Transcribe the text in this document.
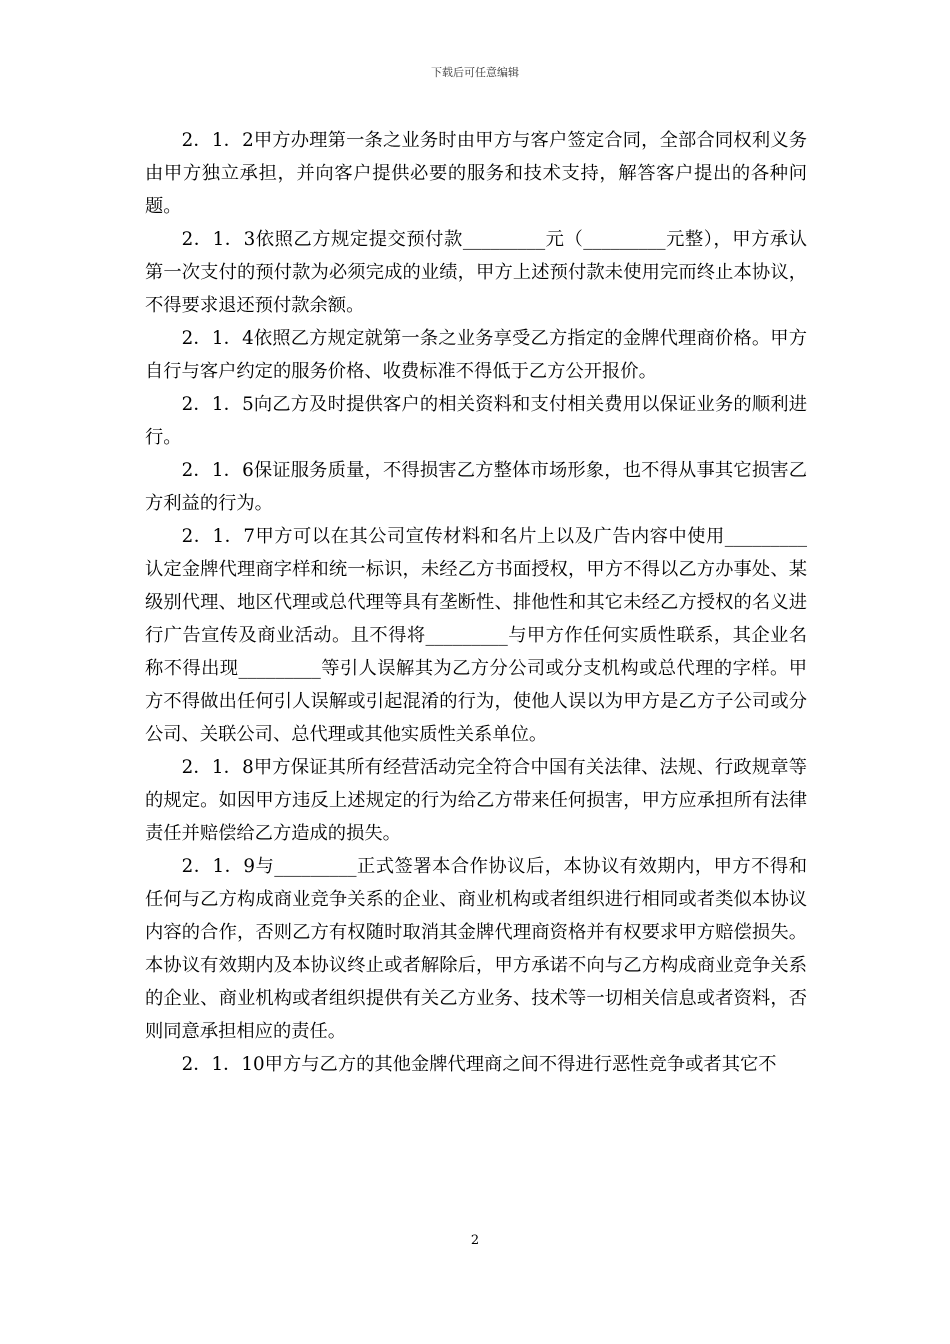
下载后可任意编辑

2．1．2甲方办理第一条之业务时由甲方与客户签定合同，全部合同权利义务由甲方独立承担，并向客户提供必要的服务和技术支持，解答客户提出的各种问题。

2．1．3依照乙方规定提交预付款_________元（_________元整），甲方承认第一次支付的预付款为必须完成的业绩，甲方上述预付款未使用完而终止本协议，不得要求退还预付款余额。

2．1．4依照乙方规定就第一条之业务享受乙方指定的金牌代理商价格。甲方自行与客户约定的服务价格、收费标准不得低于乙方公开报价。

2．1．5向乙方及时提供客户的相关资料和支付相关费用以保证业务的顺利进行。

2．1．6保证服务质量，不得损害乙方整体市场形象，也不得从事其它损害乙方利益的行为。

2．1．7甲方可以在其公司宣传材料和名片上以及广告内容中使用_________认定金牌代理商字样和统一标识，未经乙方书面授权，甲方不得以乙方办事处、某级别代理、地区代理或总代理等具有垄断性、排他性和其它未经乙方授权的名义进行广告宣传及商业活动。且不得将_________与甲方作任何实质性联系，其企业名称不得出现_________等引人误解其为乙方分公司或分支机构或总代理的字样。甲方不得做出任何引人误解或引起混淆的行为，使他人误以为甲方是乙方子公司或分公司、关联公司、总代理或其他实质性关系单位。

2．1．8甲方保证其所有经营活动完全符合中国有关法律、法规、行政规章等的规定。如因甲方违反上述规定的行为给乙方带来任何损害，甲方应承担所有法律责任并赔偿给乙方造成的损失。

2．1．9与_________正式签署本合作协议后，本协议有效期内，甲方不得和任何与乙方构成商业竞争关系的企业、商业机构或者组织进行相同或者类似本协议内容的合作，否则乙方有权随时取消其金牌代理商资格并有权要求甲方赔偿损失。本协议有效期内及本协议终止或者解除后，甲方承诺不向与乙方构成商业竞争关系的企业、商业机构或者组织提供有关乙方业务、技术等一切相关信息或者资料，否则同意承担相应的责任。

2．1．10甲方与乙方的其他金牌代理商之间不得进行恶性竞争或者其它不

2
